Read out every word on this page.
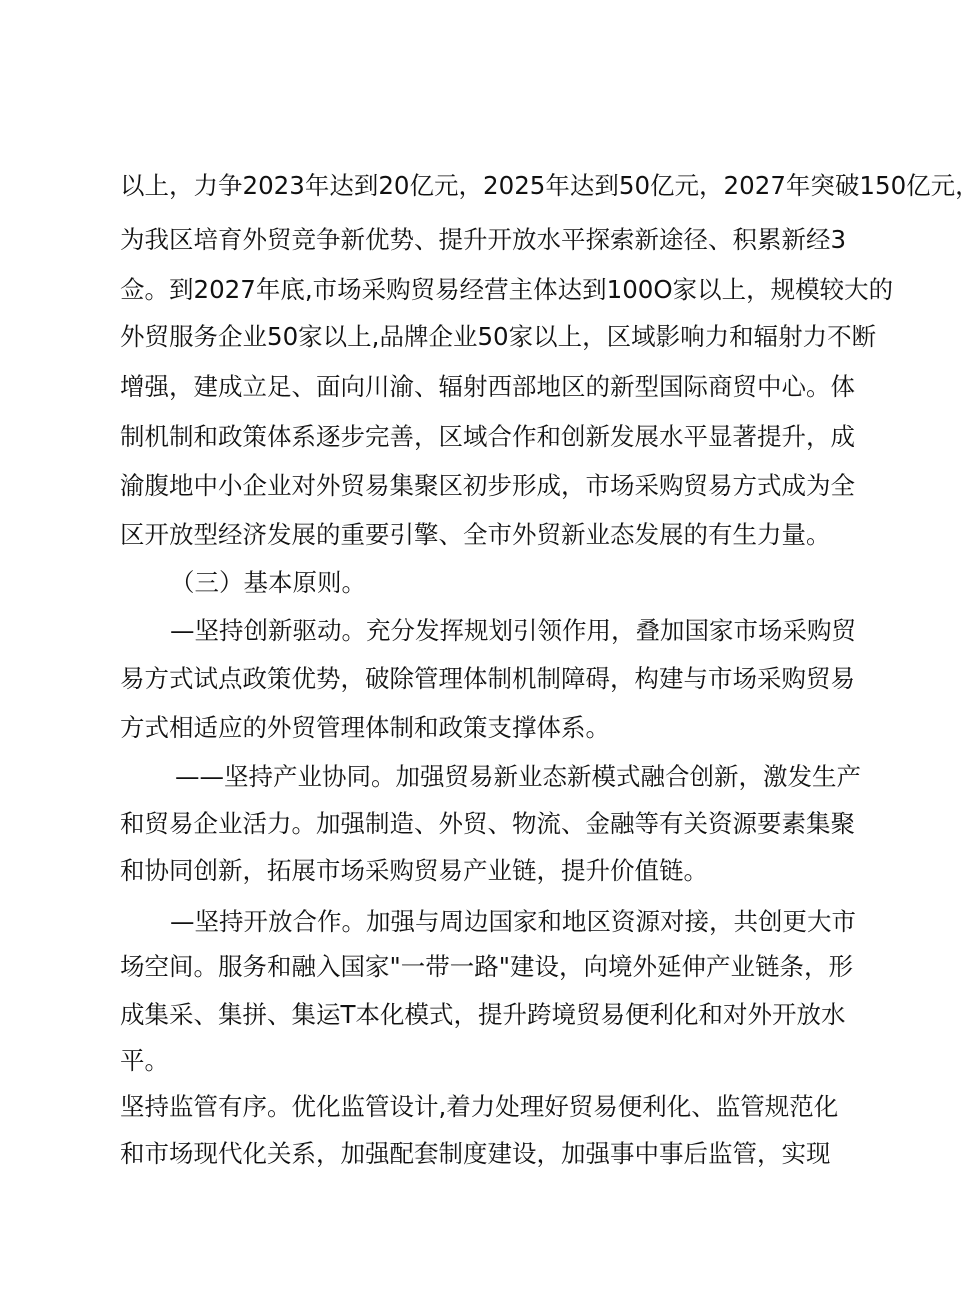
以上，力争2023年达到20亿元，2025年达到50亿元，2027年突破150亿元，
为我区培育外贸竞争新优势、提升开放水平探索新途径、积累新经3
佥。到2027年底,市场采购贸易经营主体达到100O家以上，规模较大的
外贸服务企业50家以上,品牌企业50家以上，区域影响力和辐射力不断
增强，建成立足、面向川渝、辐射西部地区的新型国际商贸中心。体
制机制和政策体系逐步完善，区域合作和创新发展水平显著提升，成
渝腹地中小企业对外贸易集聚区初步形成，市场采购贸易方式成为全
区开放型经济发展的重要引擎、全市外贸新业态发展的有生力量。
（三）基本原则。
—坚持创新驱动。充分发挥规划引领作用，叠加国家市场采购贸
易方式试点政策优势，破除管理体制机制障碍，构建与市场采购贸易
方式相适应的外贸管理体制和政策支撑体系。
——坚持产业协同。加强贸易新业态新模式融合创新，激发生产
和贸易企业活力。加强制造、外贸、物流、金融等有关资源要素集聚
和协同创新，拓展市场采购贸易产业链，提升价值链。
—坚持开放合作。加强与周边国家和地区资源对接，共创更大市
场空间。服务和融入国家"一带一路"建设，向境外延伸产业链条，形
成集采、集拼、集运T本化模式，提升跨境贸易便利化和对外开放水
平。
坚持监管有序。优化监管设计,着力处理好贸易便利化、监管规范化
和市场现代化关系，加强配套制度建设，加强事中事后监管，实现
